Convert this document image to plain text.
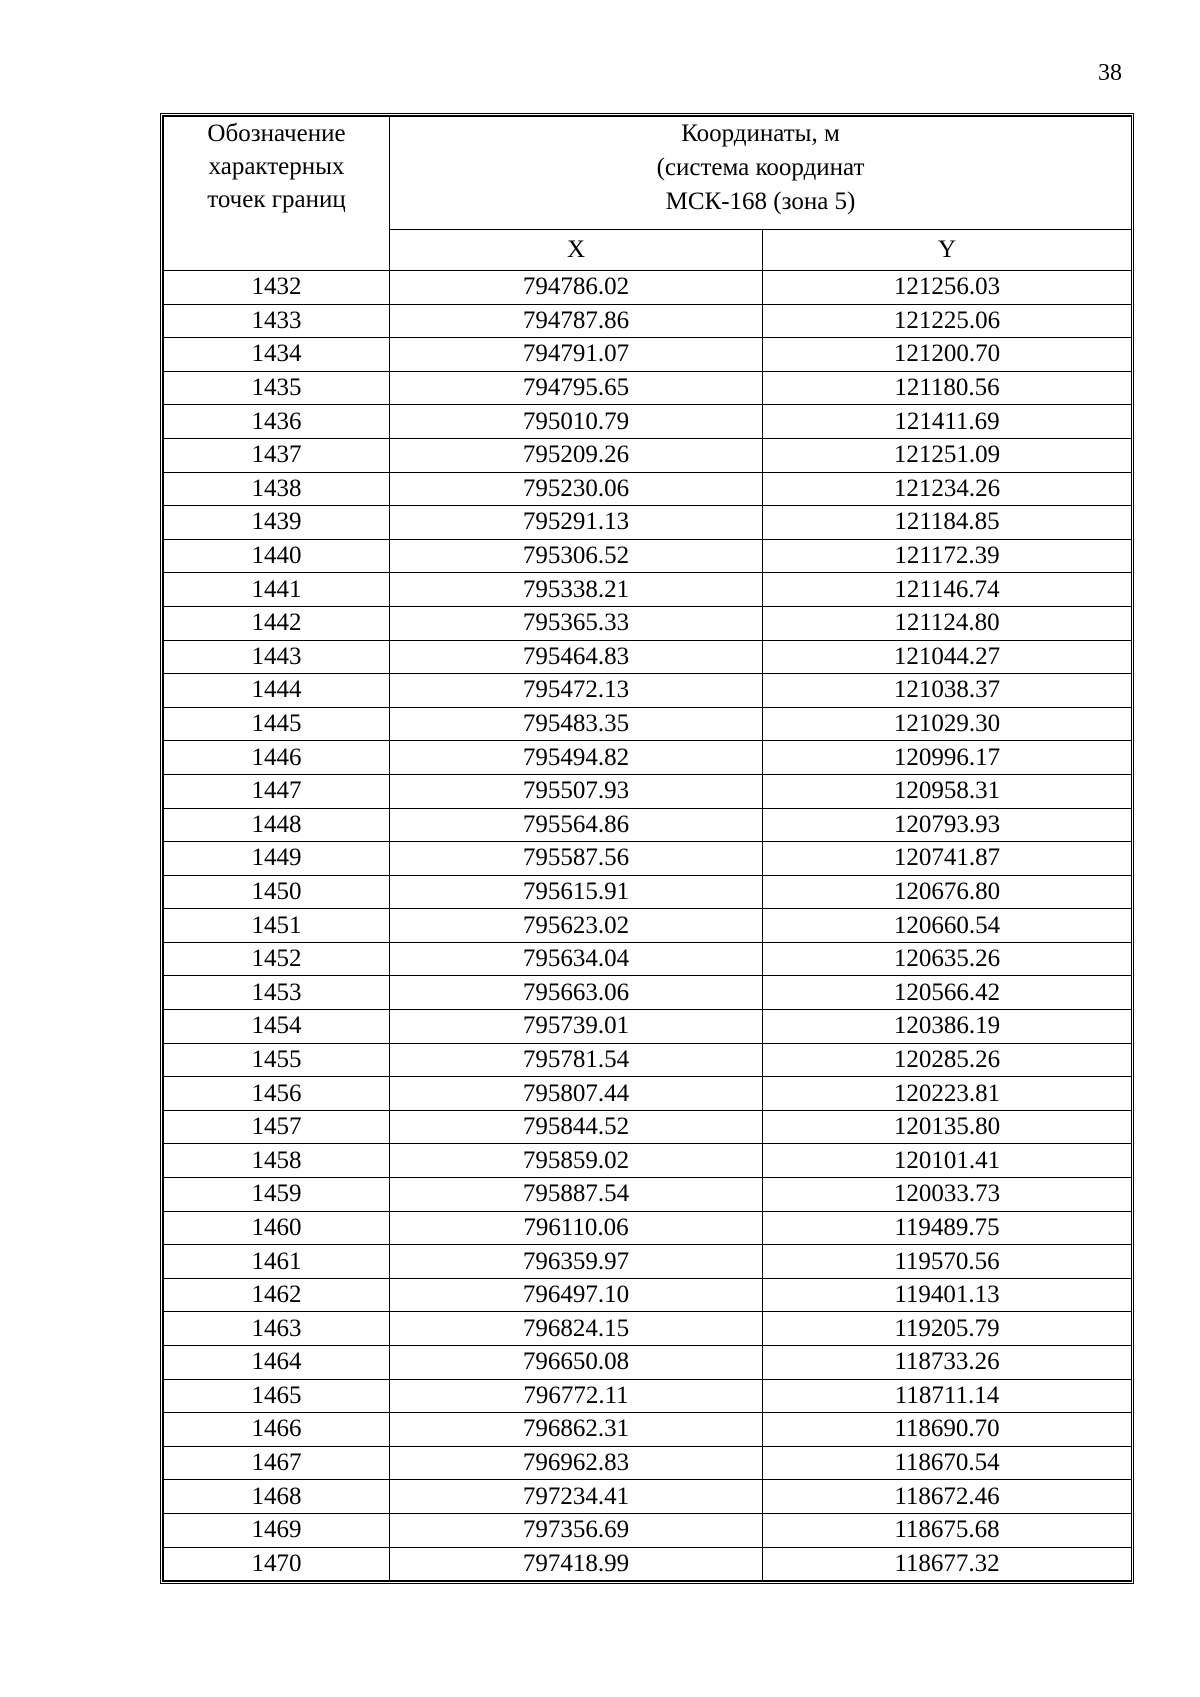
38
Обозначение
характерных
точек границ	Координаты, м
(система координат
МСК-168 (зона 5)	

	X	Y
1432	794786.02	121256.03
1433	794787.86	121225.06
1434	794791.07	121200.70
1435	794795.65	121180.56
1436	795010.79	121411.69
1437	795209.26	121251.09
1438	795230.06	121234.26
1439	795291.13	121184.85
1440	795306.52	121172.39
1441	795338.21	121146.74
1442	795365.33	121124.80
1443	795464.83	121044.27
1444	795472.13	121038.37
1445	795483.35	121029.30
1446	795494.82	120996.17
1447	795507.93	120958.31
1448	795564.86	120793.93
1449	795587.56	120741.87
1450	795615.91	120676.80
1451	795623.02	120660.54
1452	795634.04	120635.26
1453	795663.06	120566.42
1454	795739.01	120386.19
1455	795781.54	120285.26
1456	795807.44	120223.81
1457	795844.52	120135.80
1458	795859.02	120101.41
1459	795887.54	120033.73
1460	796110.06	119489.75
1461	796359.97	119570.56
1462	796497.10	119401.13
1463	796824.15	119205.79
1464	796650.08	118733.26
1465	796772.11	118711.14
1466	796862.31	118690.70
1467	796962.83	118670.54
1468	797234.41	118672.46
1469	797356.69	118675.68
1470	797418.99	118677.32
